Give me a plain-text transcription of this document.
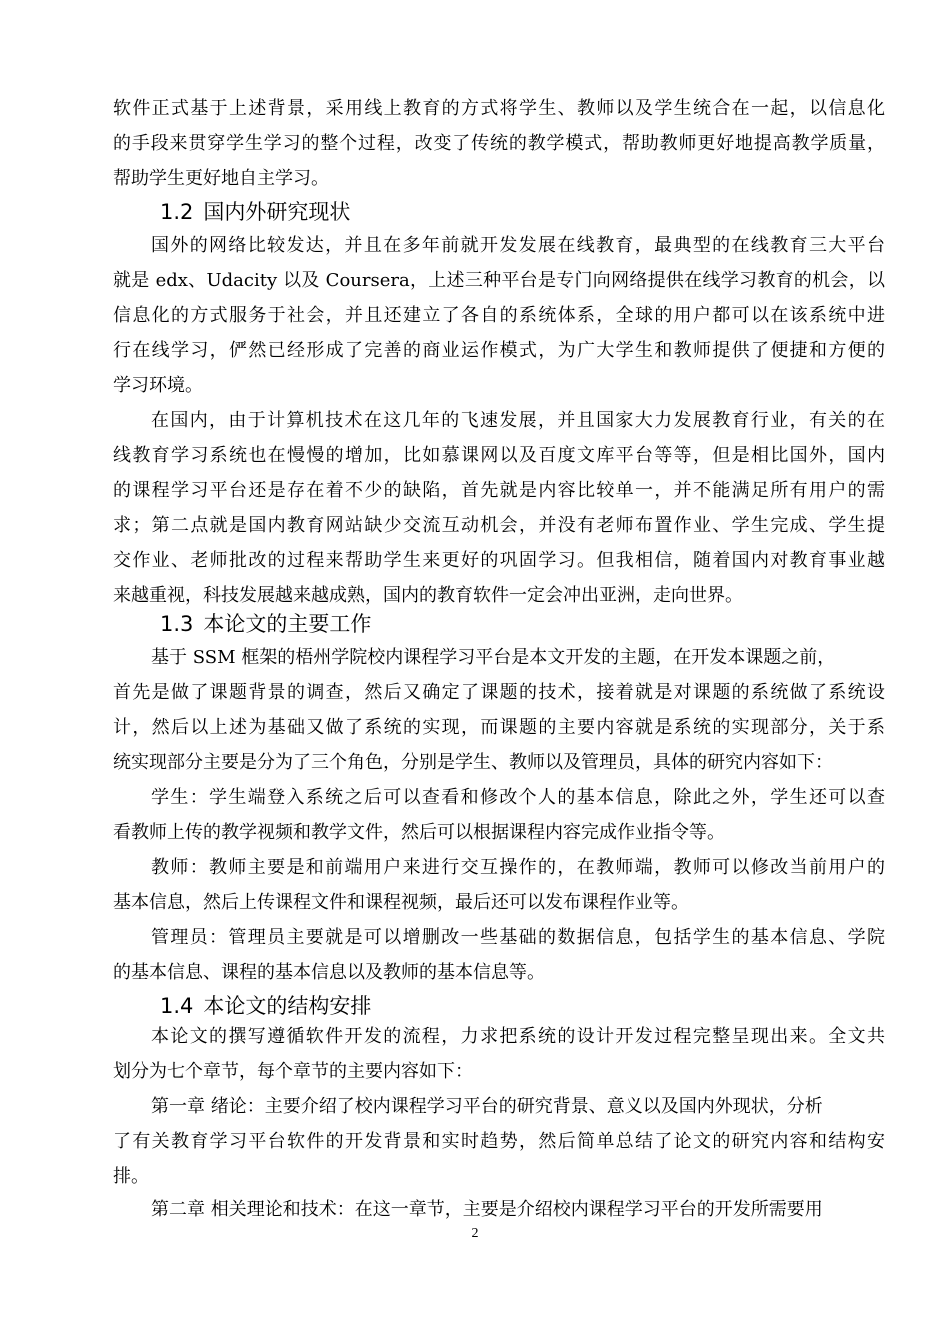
软件正式基于上述背景，采用线上教育的方式将学生、教师以及学生统合在一起，以信息化
的手段来贯穿学生学习的整个过程，改变了传统的教学模式，帮助教师更好地提高教学质量，
帮助学生更好地自主学习。
1.2 国内外研究现状
国外的网络比较发达，并且在多年前就开发发展在线教育，最典型的在线教育三大平台
就是 edx、Udacity 以及 Coursera，上述三种平台是专门向网络提供在线学习教育的机会，以
信息化的方式服务于社会，并且还建立了各自的系统体系，全球的用户都可以在该系统中进
行在线学习，俨然已经形成了完善的商业运作模式，为广大学生和教师提供了便捷和方便的
学习环境。
在国内，由于计算机技术在这几年的飞速发展，并且国家大力发展教育行业，有关的在
线教育学习系统也在慢慢的增加，比如慕课网以及百度文库平台等等，但是相比国外，国内
的课程学习平台还是存在着不少的缺陷，首先就是内容比较单一，并不能满足所有用户的需
求；第二点就是国内教育网站缺少交流互动机会，并没有老师布置作业、学生完成、学生提
交作业、老师批改的过程来帮助学生来更好的巩固学习。但我相信，随着国内对教育事业越
来越重视，科技发展越来越成熟，国内的教育软件一定会冲出亚洲，走向世界。
1.3 本论文的主要工作
基于 SSM 框架的梧州学院校内课程学习平台是本文开发的主题，在开发本课题之前，
首先是做了课题背景的调查，然后又确定了课题的技术，接着就是对课题的系统做了系统设
计，然后以上述为基础又做了系统的实现，而课题的主要内容就是系统的实现部分，关于系
统实现部分主要是分为了三个角色，分别是学生、教师以及管理员，具体的研究内容如下：
学生：学生端登入系统之后可以查看和修改个人的基本信息，除此之外，学生还可以查
看教师上传的教学视频和教学文件，然后可以根据课程内容完成作业指令等。
教师：教师主要是和前端用户来进行交互操作的，在教师端，教师可以修改当前用户的
基本信息，然后上传课程文件和课程视频，最后还可以发布课程作业等。
管理员：管理员主要就是可以增删改一些基础的数据信息，包括学生的基本信息、学院
的基本信息、课程的基本信息以及教师的基本信息等。
1.4 本论文的结构安排
本论文的撰写遵循软件开发的流程，力求把系统的设计开发过程完整呈现出来。全文共
划分为七个章节，每个章节的主要内容如下：
第一章 绪论：主要介绍了校内课程学习平台的研究背景、意义以及国内外现状，分析
了有关教育学习平台软件的开发背景和实时趋势，然后简单总结了论文的研究内容和结构安
排。
第二章 相关理论和技术：在这一章节，主要是介绍校内课程学习平台的开发所需要用
2
